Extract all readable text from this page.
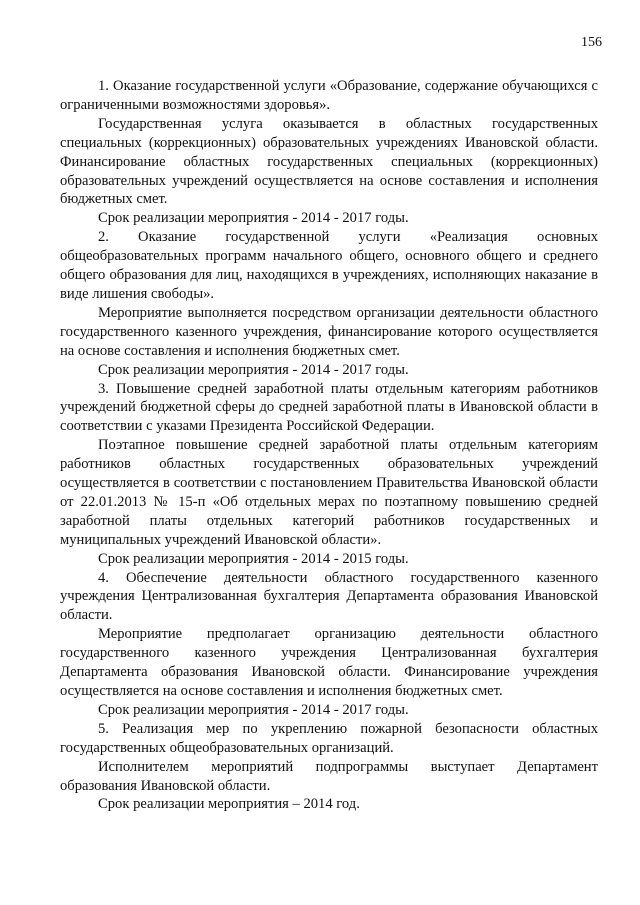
156

1. Оказание государственной услуги «Образование, содержание обучающихся с ограниченными возможностями здоровья».

Государственная услуга оказывается в областных государственных специальных (коррекционных) образовательных учреждениях Ивановской области. Финансирование областных государственных специальных (коррекционных) образовательных учреждений осуществляется на основе составления и исполнения бюджетных смет.

Срок реализации мероприятия - 2014 - 2017 годы.

2. Оказание государственной услуги «Реализация основных общеобразовательных программ начального общего, основного общего и среднего общего образования для лиц, находящихся в учреждениях, исполняющих наказание в виде лишения свободы».

Мероприятие выполняется посредством организации деятельности областного государственного казенного учреждения, финансирование которого осуществляется на основе составления и исполнения бюджетных смет.

Срок реализации мероприятия - 2014 - 2017 годы.

3. Повышение средней заработной платы отдельным категориям работников учреждений бюджетной сферы до средней заработной платы в Ивановской области в соответствии с указами Президента Российской Федерации.

Поэтапное повышение средней заработной платы отдельным категориям работников областных государственных образовательных учреждений осуществляется в соответствии с постановлением Правительства Ивановской области от 22.01.2013 № 15-п «Об отдельных мерах по поэтапному повышению средней заработной платы отдельных категорий работников государственных и муниципальных учреждений Ивановской области».

Срок реализации мероприятия - 2014 - 2015 годы.

4. Обеспечение деятельности областного государственного казенного учреждения Централизованная бухгалтерия Департамента образования Ивановской области.

Мероприятие предполагает организацию деятельности областного государственного казенного учреждения Централизованная бухгалтерия Департамента образования Ивановской области. Финансирование учреждения осуществляется на основе составления и исполнения бюджетных смет.

Срок реализации мероприятия - 2014 - 2017 годы.

5. Реализация мер по укреплению пожарной безопасности областных государственных общеобразовательных организаций.

Исполнителем мероприятий подпрограммы выступает Департамент образования Ивановской области.

Срок реализации мероприятия – 2014 год.
